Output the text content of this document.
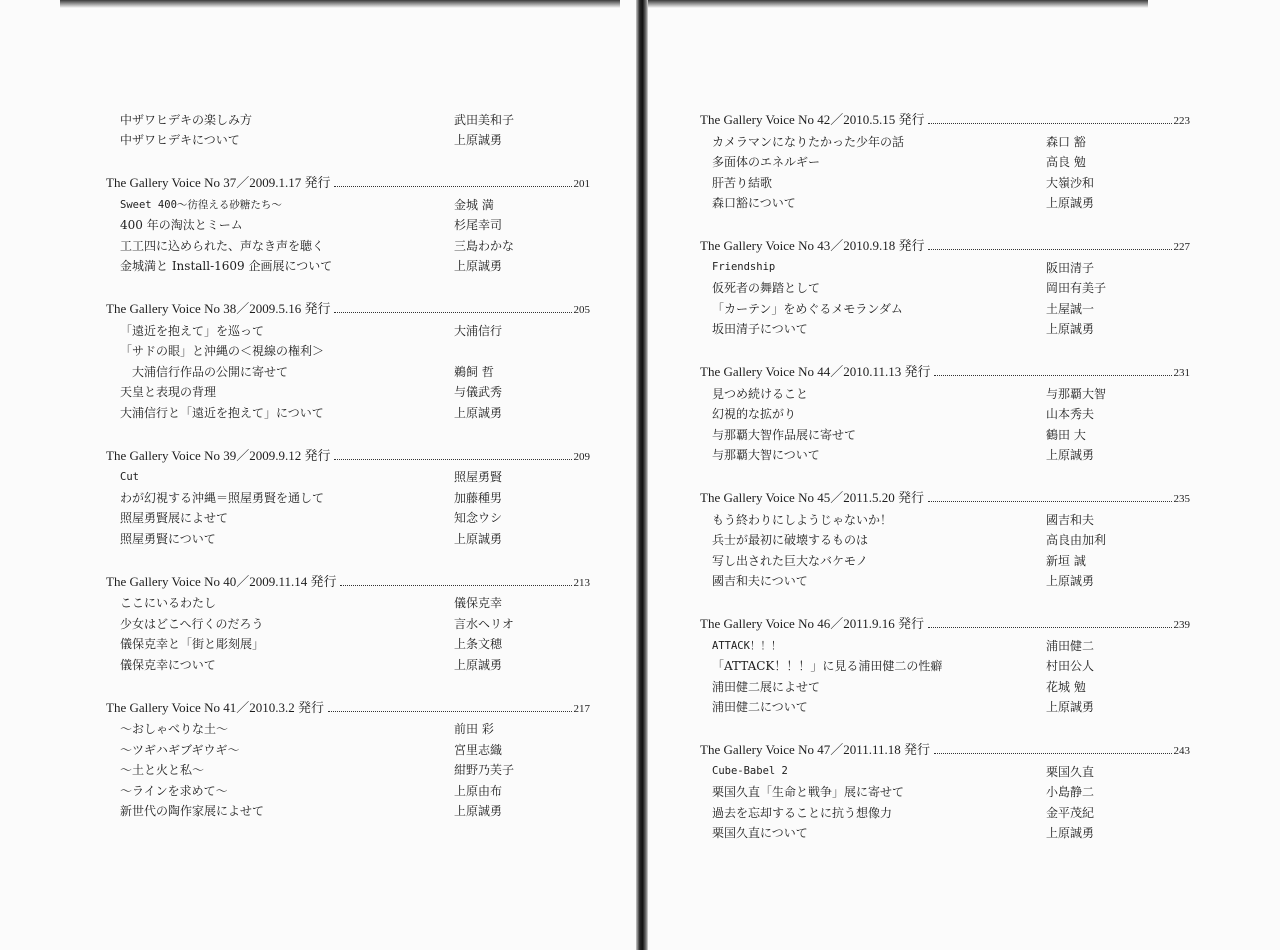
中ザワヒデキの楽しみ方	武田美和子
中ザワヒデキについて	上原誠勇
The Gallery Voice No 37／2009.1.17 発行	201
Sweet 400〜彷徨える砂糖たち〜	金城 満
400 年の淘汰とミーム	杉尾幸司
工工四に込められた、声なき声を聴く	三島わかな
金城満と Install-1609 企画展について	上原誠勇
The Gallery Voice No 38／2009.5.16 発行	205
「遠近を抱えて」を巡って	大浦信行
「サドの眼」と沖縄の＜視線の権利＞
　大浦信行作品の公開に寄せて	鵜飼 哲
天皇と表現の背理	与儀武秀
大浦信行と「遠近を抱えて」について	上原誠勇
The Gallery Voice No 39／2009.9.12 発行	209
Cut	照屋勇賢
わが幻視する沖縄＝照屋勇賢を通して	加藤種男
照屋勇賢展によせて	知念ウシ
照屋勇賢について	上原誠勇
The Gallery Voice No 40／2009.11.14 発行	213
ここにいるわたし	儀保克幸
少女はどこへ行くのだろう	言水ヘリオ
儀保克幸と「街と彫刻展」	上条文穂
儀保克幸について	上原誠勇
The Gallery Voice No 41／2010.3.2 発行	217
〜おしゃべりな土〜	前田 彩
〜ツギハギブギウギ〜	宮里志織
〜土と火と私〜	紺野乃芙子
〜ラインを求めて〜	上原由布
新世代の陶作家展によせて	上原誠勇
The Gallery Voice No 42／2010.5.15 発行	223
カメラマンになりたかった少年の話	森口 豁
多面体のエネルギー	高良 勉
肝苦り結歌	大嶺沙和
森口豁について	上原誠勇
The Gallery Voice No 43／2010.9.18 発行	227
Friendship	阪田清子
仮死者の舞踏として	岡田有美子
「カーテン」をめぐるメモランダム	土屋誠一
坂田清子について	上原誠勇
The Gallery Voice No 44／2010.11.13 発行	231
見つめ続けること	与那覇大智
幻視的な拡がり	山本秀夫
与那覇大智作品展に寄せて	鶴田 大
与那覇大智について	上原誠勇
The Gallery Voice No 45／2011.5.20 発行	235
もう終わりにしようじゃないか！	國吉和夫
兵士が最初に破壊するものは	高良由加利
写し出された巨大なバケモノ	新垣 誠
國吉和夫について	上原誠勇
The Gallery Voice No 46／2011.9.16 発行	239
ATTACK！！！	浦田健二
「ATTACK！！！」に見る浦田健二の性癖	村田公人
浦田健二展によせて	花城 勉
浦田健二について	上原誠勇
The Gallery Voice No 47／2011.11.18 発行	243
Cube-Babel 2	栗国久直
栗国久直「生命と戦争」展に寄せて	小島静二
過去を忘却することに抗う想像力	金平茂紀
栗国久直について	上原誠勇
